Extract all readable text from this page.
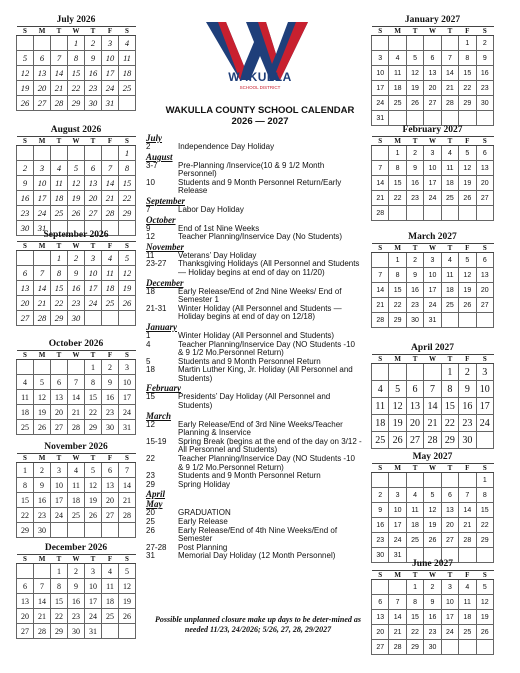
WAKULLA
SCHOOL DISTRICT
WAKULLA COUNTY SCHOOL CALENDAR
2026 — 2027
July 2026
S	M	T	W	T	F	S
			1	2	3	4
5	6	7	8	9	10	11
12	13	14	15	16	17	18
19	20	21	22	23	24	25
26	27	28	29	30	31	
August 2026
S	M	T	W	T	F	S
						1
2	3	4	5	6	7	8
9	10	11	12	13	14	15
16	17	18	19	20	21	22
23	24	25	26	27	28	29
30	31					
September 2026
S	M	T	W	T	F	S
		1	2	3	4	5
6	7	8	9	10	11	12
13	14	15	16	17	18	19
20	21	22	23	24	25	26
27	28	29	30			
October 2026
S	M	T	W	T	F	S
				1	2	3
4	5	6	7	8	9	10
11	12	13	14	15	16	17
18	19	20	21	22	23	24
25	26	27	28	29	30	31
November 2026
S	M	T	W	T	F	S
1	2	3	4	5	6	7
8	9	10	11	12	13	14
15	16	17	18	19	20	21
22	23	24	25	26	27	28
29	30					
December 2026
S	M	T	W	T	F	S
		1	2	3	4	5
6	7	8	9	10	11	12
13	14	15	16	17	18	19
20	21	22	23	24	25	26
27	28	29	30	31		
January 2027
S	M	T	W	T	F	S
					1	2
3	4	5	6	7	8	9
10	11	12	13	14	15	16
17	18	19	20	21	22	23
24	25	26	27	28	29	30
31						
February 2027
S	M	T	W	T	F	S
	1	2	3	4	5	6
7	8	9	10	11	12	13
14	15	16	17	18	19	20
21	22	23	24	25	26	27
28						
March 2027
S	M	T	W	T	F	S
	1	2	3	4	5	6
7	8	9	10	11	12	13
14	15	16	17	18	19	20
21	22	23	24	25	26	27
28	29	30	31			
April 2027
S	M	T	W	T	F	S
				1	2	3
4	5	6	7	8	9	10
11	12	13	14	15	16	17
18	19	20	21	22	23	24
25	26	27	28	29	30	
May 2027
S	M	T	W	T	F	S
						1
2	3	4	5	6	7	8
9	10	11	12	13	14	15
16	17	18	19	20	21	22
23	24	25	26	27	28	29
30	31					
June 2027
S	M	T	W	T	F	S
		1	2	3	4	5
6	7	8	9	10	11	12
13	14	15	16	17	18	19
20	21	22	23	24	25	26
27	28	29	30			
July
2	Independence Day Holiday
August
3-7	Pre-Planning /Inservice(10 & 9 1/2 Month Personnel)
10	Students and 9 Month Personnel Return/Early Release
September
7	Labor Day Holiday
October
9	End of 1st Nine Weeks
12	Teacher Planning/Inservice Day (No Students)
November
11	Veterans’ Day Holiday
23-27	Thanksgiving Holidays (All Personnel and Students— Holiday begins at end of day on 11/20)
December
18	Early Release/End of 2nd Nine Weeks/ End of Semester 1
21-31	Winter Holiday (All Personnel and Students — Holiday begins at end of day on 12/18)
January
1	Winter Holiday (All Personnel and Students)
4	Teacher Planning/Inservice Day (NO Students -10 & 9 1/2 Mo.Personnel Return)
5	Students and 9 Month Personnel Return
18	Martin Luther King, Jr. Holiday (All Personnel and Students)
February
15	Presidents’ Day Holiday (All Personnel and Students)
March
12	Early Release/End of 3rd Nine Weeks/Teacher Planning & Inservice
15-19	Spring Break (begins at the end of the day on 3/12 - All Personnel and Students)
22	Teacher Planning/Inservice Day (NO Students -10 & 9 1/2 Mo.Personnel Return)
23	Students and 9 Month Personnel Return
29	Spring Holiday
April
May
20	GRADUATION
25	Early Release
26	Early Release/End of 4th Nine Weeks/End of Semester
27-28	Post Planning
31	Memorial Day Holiday (12 Month Personnel)
Possible unplanned closure make up days to be deter-mined as needed 11/23, 24/2026; 5/26, 27, 28, 29/2027
